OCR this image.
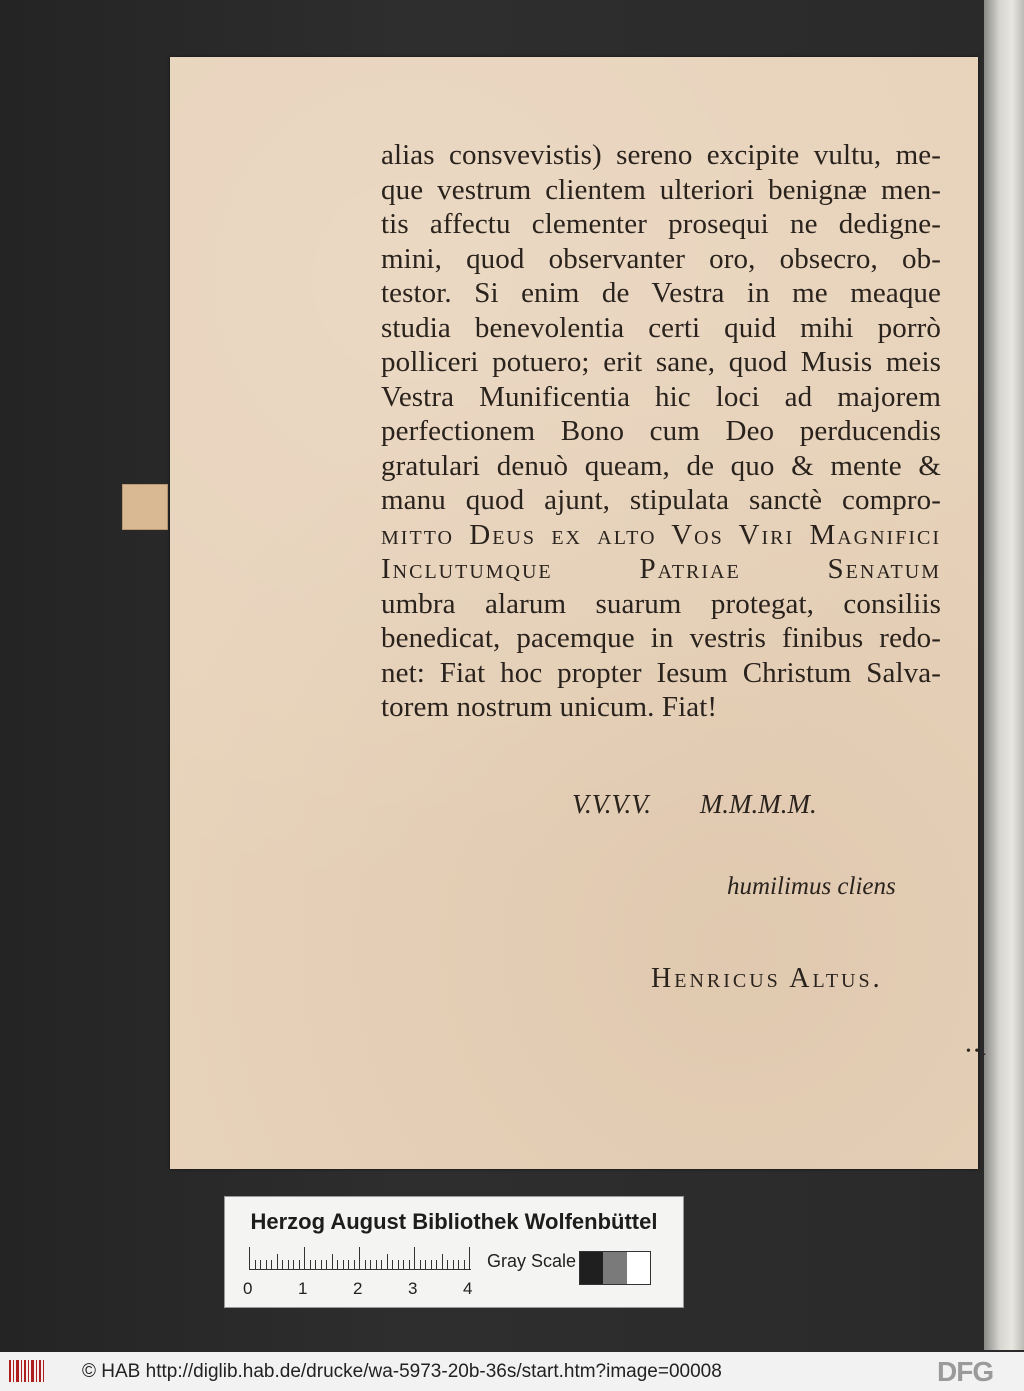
alias consvevistis) sereno excipite vultu, me-
que vestrum clientem ulteriori benignæ men-
tis affectu clementer prosequi ne dedigne-
mini, quod observanter oro, obsecro, ob-
testor. Si enim de Vestra in me meaque
studia benevolentia certi quid mihi porrò
polliceri potuero; erit sane, quod Musis meis
Vestra Munificentia hic loci ad majorem
perfectionem Bono cum Deo perducendis
gratulari denuò queam, de quo & mente &
manu quod ajunt, stipulata sanctè compro-
mitto Deus ex alto Vos Viri Magnifici
Inclutumque Patriae Senatum
umbra alarum suarum protegat, consiliis
benedicat, pacemque in vestris finibus redo-
net: Fiat hoc propter Iesum Christum Salva-
torem nostrum unicum. Fiat!
V.V.V.V. M.M.M.M.
humilimus cliens
Henricus Altus.
• • .
Herzog August Bibliothek Wolfenbüttel
0	1	2	3	4
Gray Scale
© HAB http://diglib.hab.de/drucke/wa-5973-20b-36s/start.htm?image=00008	DFG
